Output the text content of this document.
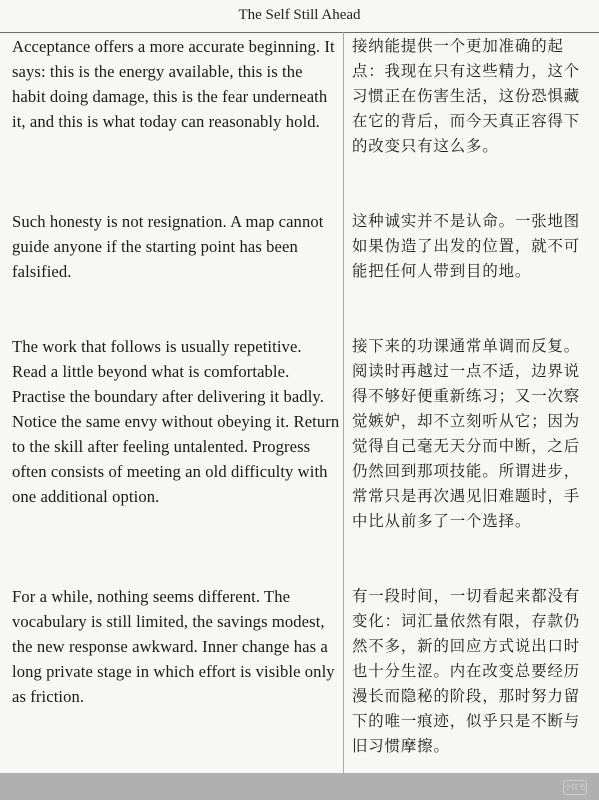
The Self Still Ahead
Acceptance offers a more accurate beginning. It says: this is the energy available, this is the habit doing damage, this is the fear underneath it, and this is what today can reasonably hold.
接纳能提供一个更加准确的起点：我现在只有这些精力，这个习惯正在伤害生活，这份恐惧藏在它的背后，而今天真正容得下的改变只有这么多。
Such honesty is not resignation. A map cannot guide anyone if the starting point has been falsified.
这种诚实并不是认命。一张地图如果伪造了出发的位置，就不可能把任何人带到目的地。
The work that follows is usually repetitive. Read a little beyond what is comfortable. Practise the boundary after delivering it badly. Notice the same envy without obeying it. Return to the skill after feeling untalented. Progress often consists of meeting an old difficulty with one additional option.
接下来的功课通常单调而反复。阅读时再越过一点不适，边界说得不够好便重新练习；又一次察觉嫉妒，却不立刻听从它；因为觉得自己毫无天分而中断，之后仍然回到那项技能。所谓进步，常常只是再次遇见旧难题时，手中比从前多了一个选择。
For a while, nothing seems different. The vocabulary is still limited, the savings modest, the new response awkward. Inner change has a long private stage in which effort is visible only as friction.
有一段时间，一切看起来都没有变化：词汇量依然有限，存款仍然不多，新的回应方式说出口时也十分生涩。内在改变总要经历漫长而隐秘的阶段，那时努力留下的唯一痕迹，似乎只是不断与旧习惯摩擦。
小红书
